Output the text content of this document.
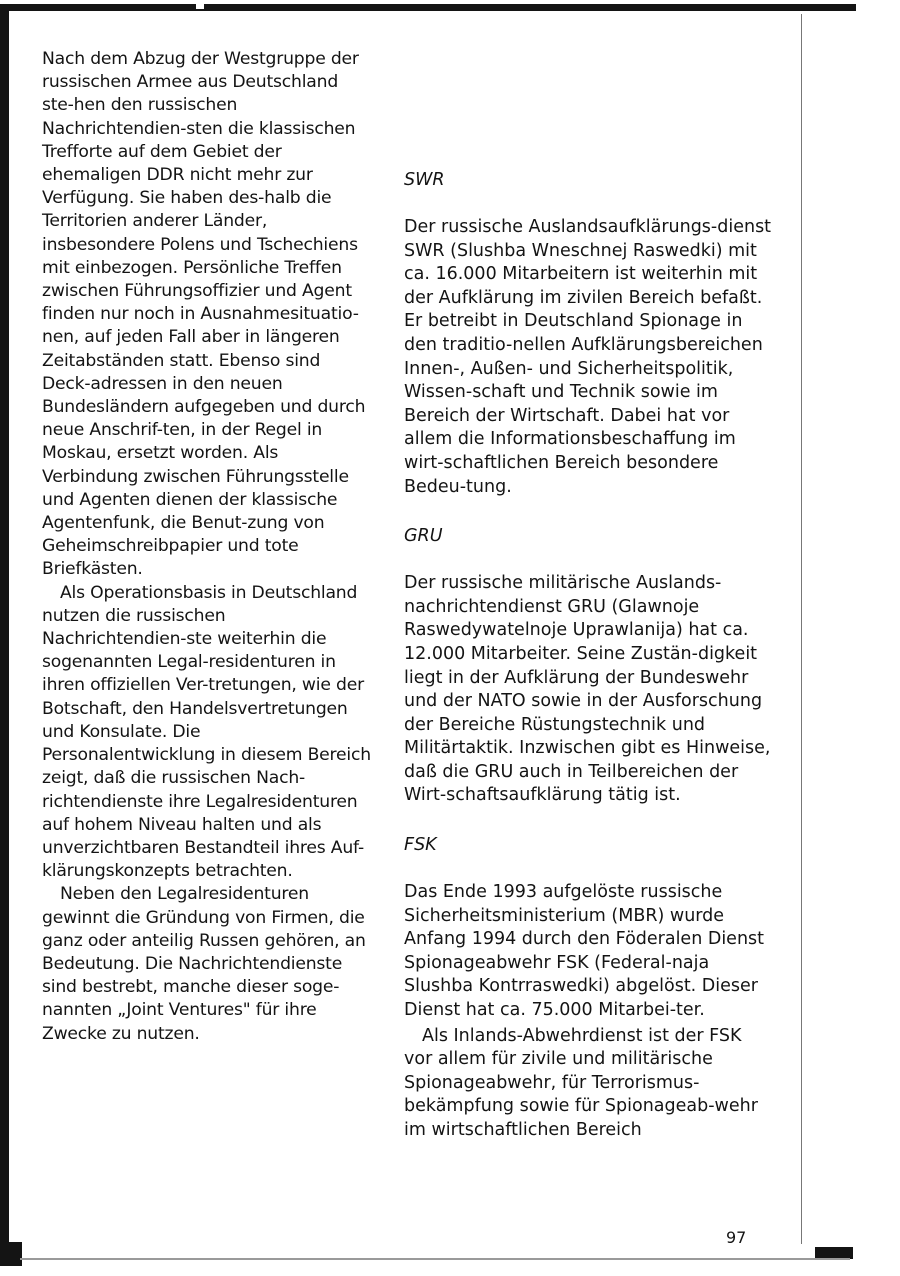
Nach dem Abzug der Westgruppe der russischen Armee aus Deutschland ste-hen den russischen Nachrichtendien-sten die klassischen Trefforte auf dem Gebiet der ehemaligen DDR nicht mehr zur Verfügung. Sie haben des-halb die Territorien anderer Länder, insbesondere Polens und Tschechiens mit einbezogen. Persönliche Treffen zwischen Führungsoffizier und Agent finden nur noch in Ausnahmesituatio-nen, auf jeden Fall aber in längeren Zeitabständen statt. Ebenso sind Deck-adressen in den neuen Bundesländern aufgegeben und durch neue Anschrif-ten, in der Regel in Moskau, ersetzt worden. Als Verbindung zwischen Führungsstelle und Agenten dienen der klassische Agentenfunk, die Benut-zung von Geheimschreibpapier und tote Briefkästen.

Als Operationsbasis in Deutschland nutzen die russischen Nachrichtendien-ste weiterhin die sogenannten Legal-residenturen in ihren offiziellen Ver-tretungen, wie der Botschaft, den Handelsvertretungen und Konsulate. Die Personalentwicklung in diesem Bereich zeigt, daß die russischen Nach-richtendienste ihre Legalresidenturen auf hohem Niveau halten und als unverzichtbaren Bestandteil ihres Auf-klärungskonzepts betrachten.

Neben den Legalresidenturen gewinnt die Gründung von Firmen, die ganz oder anteilig Russen gehören, an Bedeutung. Die Nachrichtendienste sind bestrebt, manche dieser soge-nannten „Joint Ventures" für ihre Zwecke zu nutzen.

SWR

Der russische Auslandsaufklärungs-dienst SWR (Slushba Wneschnej Raswedki) mit ca. 16.000 Mitarbeitern ist weiterhin mit der Aufklärung im zivilen Bereich befaßt. Er betreibt in Deutschland Spionage in den traditio-nellen Aufklärungsbereichen Innen-, Außen- und Sicherheitspolitik, Wissen-schaft und Technik sowie im Bereich der Wirtschaft. Dabei hat vor allem die Informationsbeschaffung im wirt-schaftlichen Bereich besondere Bedeu-tung.

GRU

Der russische militärische Auslands-nachrichtendienst GRU (Glawnoje Raswedywatelnoje Uprawlanija) hat ca. 12.000 Mitarbeiter. Seine Zustän-digkeit liegt in der Aufklärung der Bundeswehr und der NATO sowie in der Ausforschung der Bereiche Rüstungstechnik und Militärtaktik. Inzwischen gibt es Hinweise, daß die GRU auch in Teilbereichen der Wirt-schaftsaufklärung tätig ist.

FSK

Das Ende 1993 aufgelöste russische Sicherheitsministerium (MBR) wurde Anfang 1994 durch den Föderalen Dienst Spionageabwehr FSK (Federal-naja Slushba Kontrraswedki) abgelöst. Dieser Dienst hat ca. 75.000 Mitarbei-ter.

Als Inlands-Abwehrdienst ist der FSK vor allem für zivile und militärische Spionageabwehr, für Terrorismus-bekämpfung sowie für Spionageab-wehr im wirtschaftlichen Bereich

97
